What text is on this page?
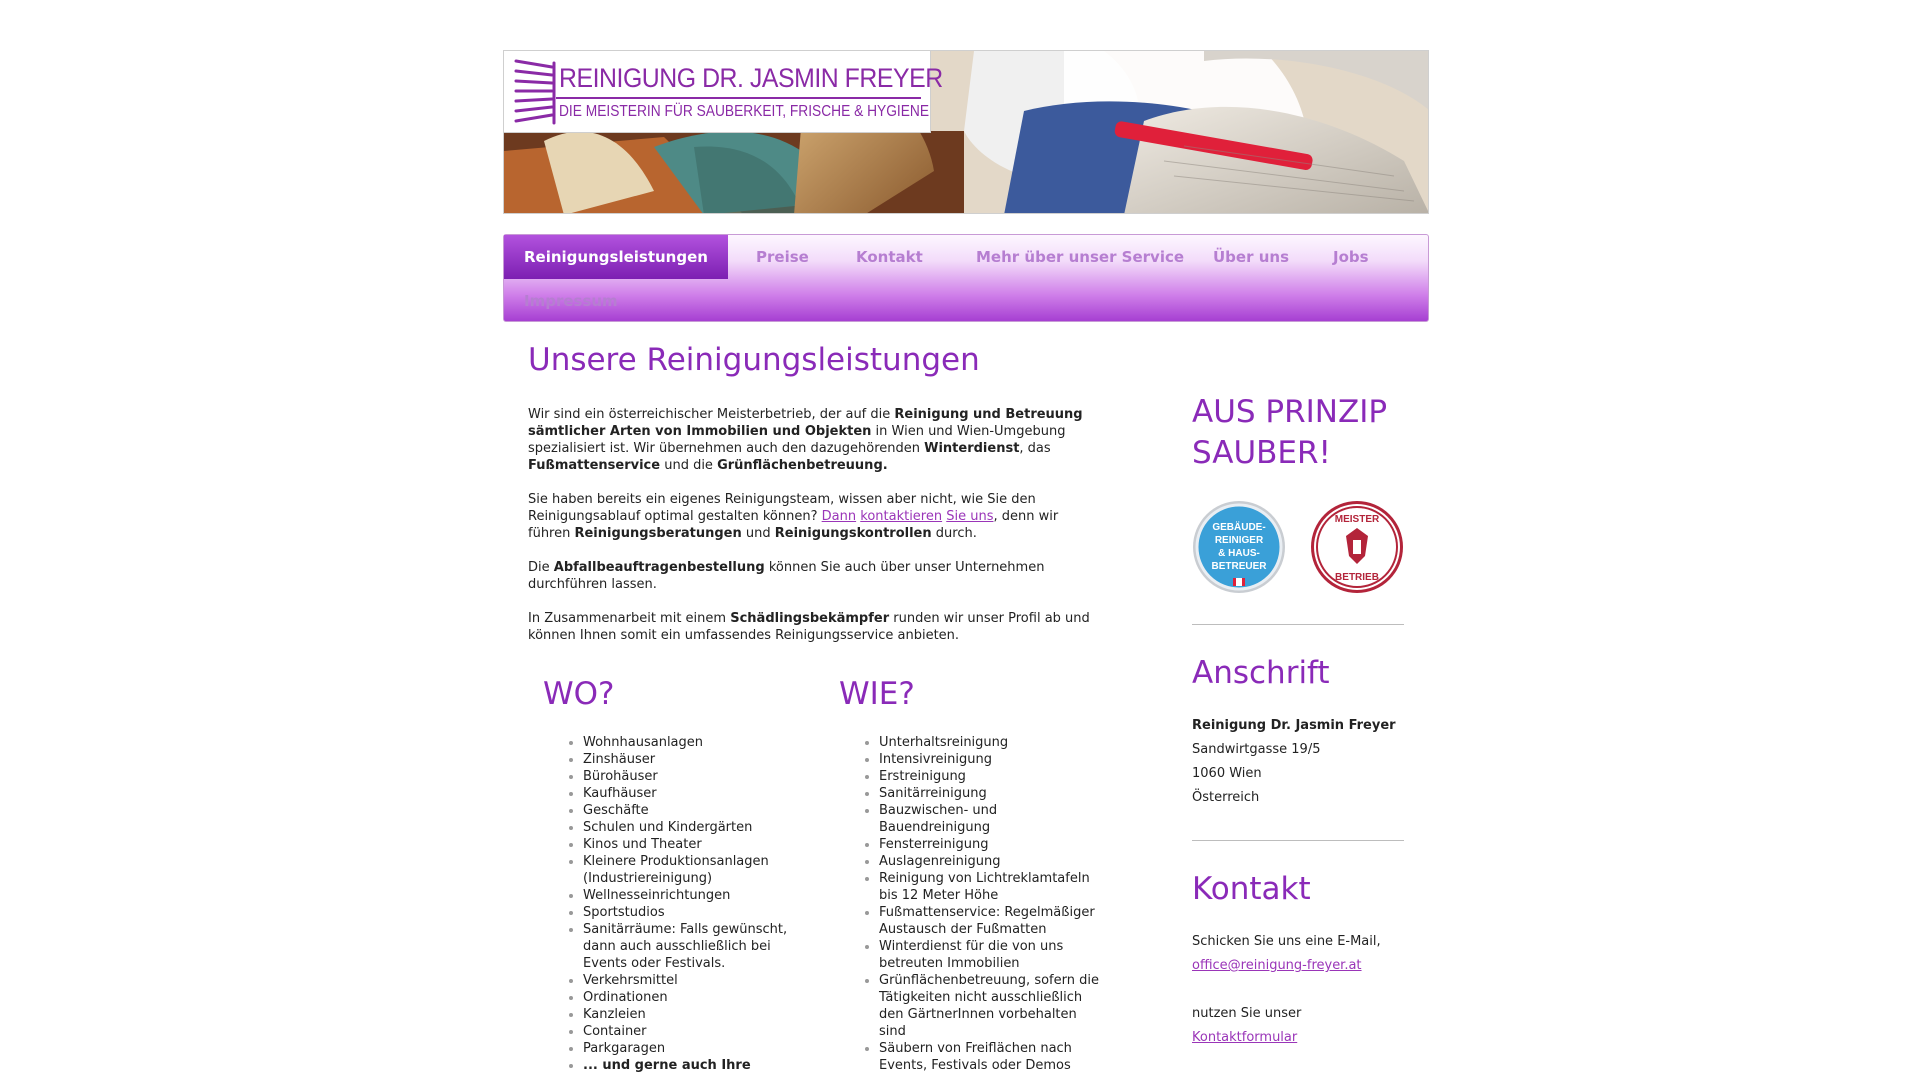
REINIGUNG DR. JASMIN FREYER
DIE MEISTERIN FÜR SAUBERKEIT, FRISCHE & HYGIENE
Reinigungsleistungen	Preise	Kontakt	Mehr über unser Service	Über uns	Jobs
Impressum
Unsere Reinigungsleistungen

Wir sind ein österreichischer Meisterbetrieb, der auf die Reinigung und Betreuung sämtlicher Arten von Immobilien und Objekten in Wien und Wien-Umgebung spezialisiert ist. Wir übernehmen auch den dazugehörenden Winterdienst, das Fußmattenservice und die Grünflächenbetreuung.

Sie haben bereits ein eigenes Reinigungsteam, wissen aber nicht, wie Sie den Reinigungsablauf optimal gestalten können? Dann kontaktieren Sie uns, denn wir führen Reinigungsberatungen und Reinigungskontrollen durch.

Die Abfallbeauftragenbestellung können Sie auch über unser Unternehmen durchführen lassen.

In Zusammenarbeit mit einem Schädlingsbekämpfer runden wir unser Profil ab und können Ihnen somit ein umfassendes Reinigungsservice anbieten.

WO?
• Wohnhausanlagen
• Zinshäuser
• Bürohäuser
• Kaufhäuser
• Geschäfte
• Schulen und Kindergärten
• Kinos und Theater
• Kleinere Produktionsanlagen (Industriereinigung)
• Wellnesseinrichtungen
• Sportstudios
• Sanitärräume: Falls gewünscht, dann auch ausschließlich bei Events oder Festivals.
• Verkehrsmittel
• Ordinationen
• Kanzleien
• Container
• Parkgaragen
• ... und gerne auch Ihre
WIE?
• Unterhaltsreinigung
• Intensivreinigung
• Erstreinigung
• Sanitärreinigung
• Bauzwischen- und Bauendreinigung
• Fensterreinigung
• Auslagenreinigung
• Reinigung von Lichtreklamtafeln bis 12 Meter Höhe
• Fußmattenservice: Regelmäßiger Austausch der Fußmatten
• Winterdienst für die von uns betreuten Immobilien
• Grünflächenbetreuung, sofern die Tätigkeiten nicht ausschließlich den GärtnerInnen vorbehalten sind
• Säubern von Freiflächen nach Events, Festivals oder Demos
AUS PRINZIP SAUBER!
GEBÄUDE-
REINIGER
& HAUS-
BETREUER
MEISTER
BETRIEB
Anschrift
Reinigung Dr. Jasmin Freyer
Sandwirtgasse 19/5
1060 Wien
Österreich
Kontakt
Schicken Sie uns eine E-Mail,
office@reinigung-freyer.at
nutzen Sie unser
Kontaktformular
